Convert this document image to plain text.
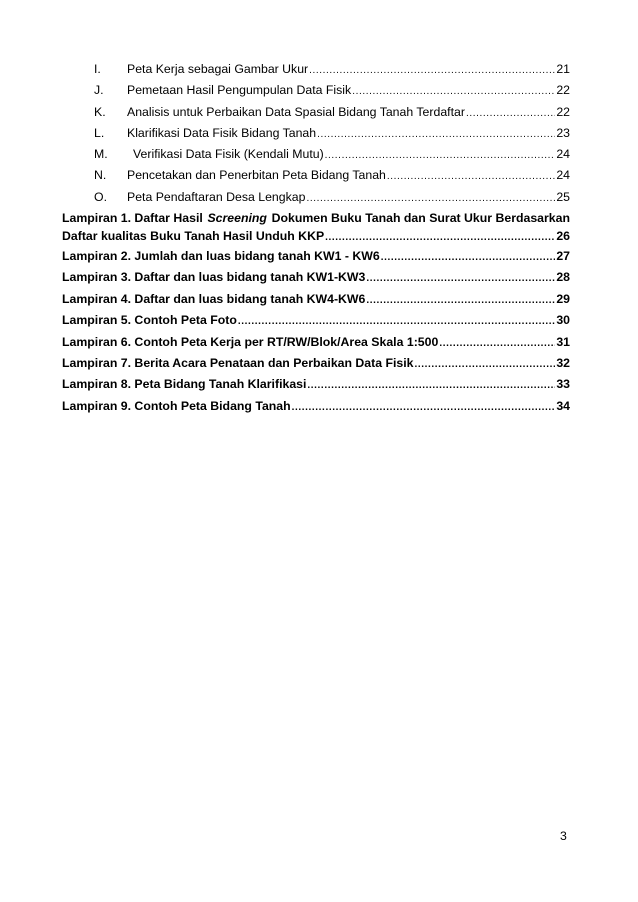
I.	Peta Kerja sebagai Gambar Ukur .....	21
J.	Pemetaan Hasil Pengumpulan Data Fisik .....	22
K.	Analisis untuk Perbaikan Data Spasial Bidang Tanah Terdaftar .....	22
L.	Klarifikasi Data Fisik Bidang Tanah .....	23
M.	Verifikasi Data Fisik (Kendali Mutu) .....	24
N.	Pencetakan dan Penerbitan Peta Bidang Tanah .....	24
O.	Peta Pendaftaran Desa Lengkap .....	25
Lampiran 1. Daftar Hasil Screening Dokumen Buku Tanah dan Surat Ukur Berdasarkan
Daftar kualitas Buku Tanah Hasil Unduh KKP .....	26
Lampiran 2. Jumlah dan luas bidang tanah KW1 - KW6 .....	27
Lampiran 3. Daftar dan luas bidang tanah KW1-KW3 .....	28
Lampiran 4. Daftar dan luas bidang tanah KW4-KW6 .....	29
Lampiran 5. Contoh Peta Foto .....	30
Lampiran 6. Contoh Peta Kerja per RT/RW/Blok/Area Skala 1:500 .....	31
Lampiran 7. Berita Acara Penataan dan Perbaikan Data Fisik .....	32
Lampiran 8. Peta Bidang Tanah Klarifikasi .....	33
Lampiran 9. Contoh Peta Bidang Tanah .....	34
3
